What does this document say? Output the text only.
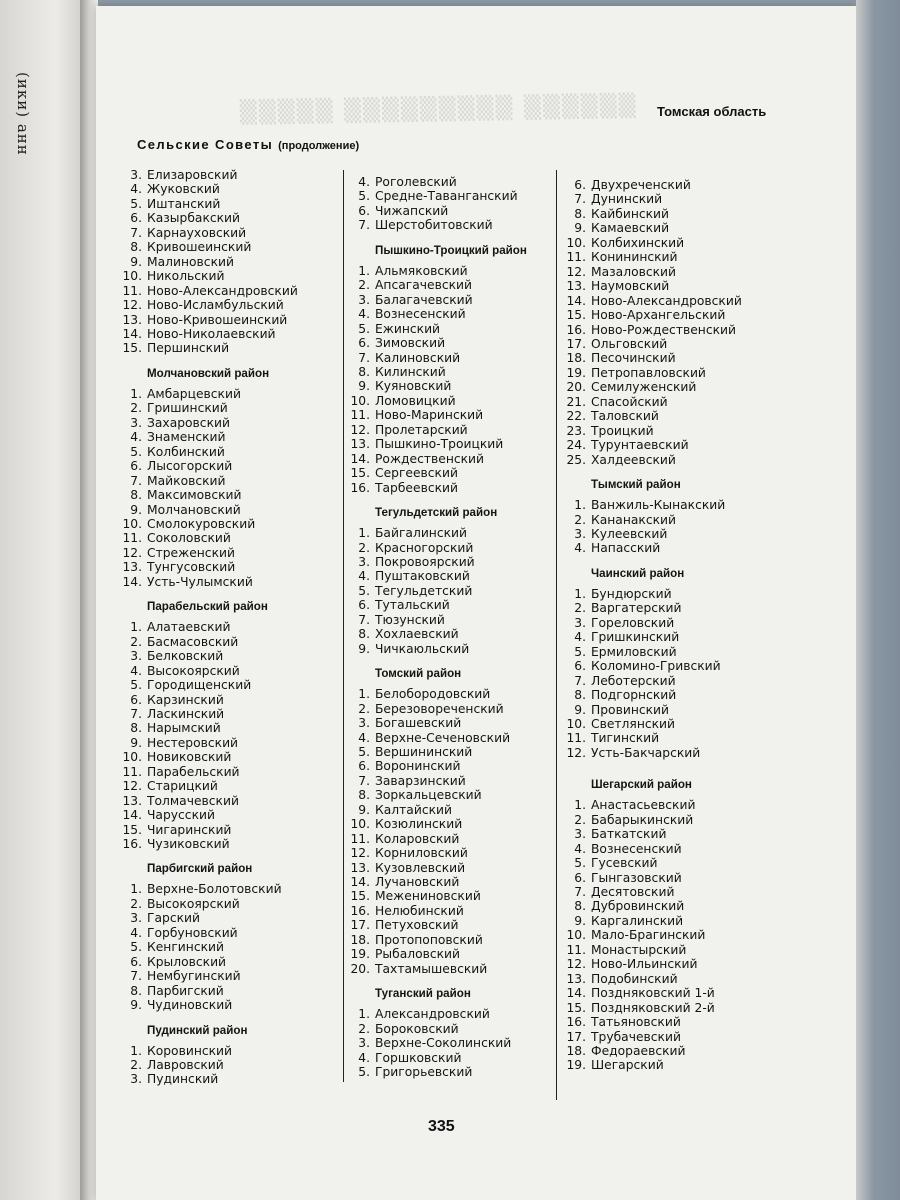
(ики) анн	▒▒▒▒▒ ▒▒▒▒▒▒▒▒▒ ▒▒▒▒▒▒	Томская область
Сельские Советы (продолжение)
3. Елизаровский
4. Жуковский
5. Иштанский
6. Казырбакский
7. Карнауховский
8. Кривошеинский
9. Малиновский
10. Никольский
11. Ново-Александровский
12. Ново-Исламбульский
13. Ново-Кривошеинский
14. Ново-Николаевский
15. Першинский
Молчановский район
1. Амбарцевский
2. Гришинский
3. Захаровский
4. Знаменский
5. Колбинский
6. Лысогорский
7. Майковский
8. Максимовский
9. Молчановский
10. Смолокуровский
11. Соколовский
12. Стреженский
13. Тунгусовский
14. Усть-Чулымский
Парабельский район
1. Алатаевский
2. Басмасовский
3. Белковский
4. Высокоярский
5. Городищенский
6. Карзинский
7. Ласкинский
8. Нарымский
9. Нестеровский
10. Новиковский
11. Парабельский
12. Старицкий
13. Толмачевский
14. Чарусский
15. Чигаринский
16. Чузиковский
Парбигский район
1. Верхне-Болотовский
2. Высокоярский
3. Гарский
4. Горбуновский
5. Кенгинский
6. Крыловский
7. Нембугинский
8. Парбигский
9. Чудиновский
Пудинский район
1. Коровинский
2. Лавровский
3. Пудинский
4. Роголевский
5. Средне-Таванганский
6. Чижапский
7. Шерстобитовский
Пышкино-Троицкий район
1. Альмяковский
2. Апсагачевский
3. Балагачевский
4. Вознесенский
5. Ежинский
6. Зимовский
7. Калиновский
8. Килинский
9. Куяновский
10. Ломовицкий
11. Ново-Маринский
12. Пролетарский
13. Пышкино-Троицкий
14. Рождественский
15. Сергеевский
16. Тарбеевский
Тегульдетский район
1. Байгалинский
2. Красногорский
3. Покровоярский
4. Пуштаковский
5. Тегульдетский
6. Тутальский
7. Тюзунский
8. Хохлаевский
9. Чичкаюльский
Томский район
1. Белобородовский
2. Березовореченский
3. Богашевский
4. Верхне-Сеченовский
5. Вершининский
6. Воронинский
7. Заварзинский
8. Зоркальцевский
9. Калтайский
10. Козюлинский
11. Коларовский
12. Корниловский
13. Кузовлевский
14. Лучановский
15. Межениновский
16. Нелюбинский
17. Петуховский
18. Протопоповский
19. Рыбаловский
20. Тахтамышевский
Туганский район
1. Александровский
2. Бороковский
3. Верхне-Соколинский
4. Горшковский
5. Григорьевский
6. Двухреченский
7. Дунинский
8. Кайбинский
9. Камаевский
10. Колбихинский
11. Конининский
12. Мазаловский
13. Наумовский
14. Ново-Александровский
15. Ново-Архангельский
16. Ново-Рождественский
17. Ольговский
18. Песочинский
19. Петропавловский
20. Семилуженский
21. Спасойский
22. Таловский
23. Троицкий
24. Турунтаевский
25. Халдеевский
Тымский район
1. Ванжиль-Кынакский
2. Кананакский
3. Кулеевский
4. Напасский
Чаинский район
1. Бундюрский
2. Варгатерский
3. Гореловский
4. Гришкинский
5. Ермиловский
6. Коломино-Гривский
7. Леботерский
8. Подгорнский
9. Провинский
10. Светлянский
11. Тигинский
12. Усть-Бакчарский
Шегарский район
1. Анастасьевский
2. Бабарыкинский
3. Баткатский
4. Вознесенский
5. Гусевский
6. Гынгазовский
7. Десятовский
8. Дубровинский
9. Каргалинский
10. Мало-Брагинский
11. Монастырский
12. Ново-Ильинский
13. Подобинский
14. Поздняковский 1-й
15. Поздняковский 2-й
16. Татьяновский
17. Трубачевский
18. Федораевский
19. Шегарский
335
